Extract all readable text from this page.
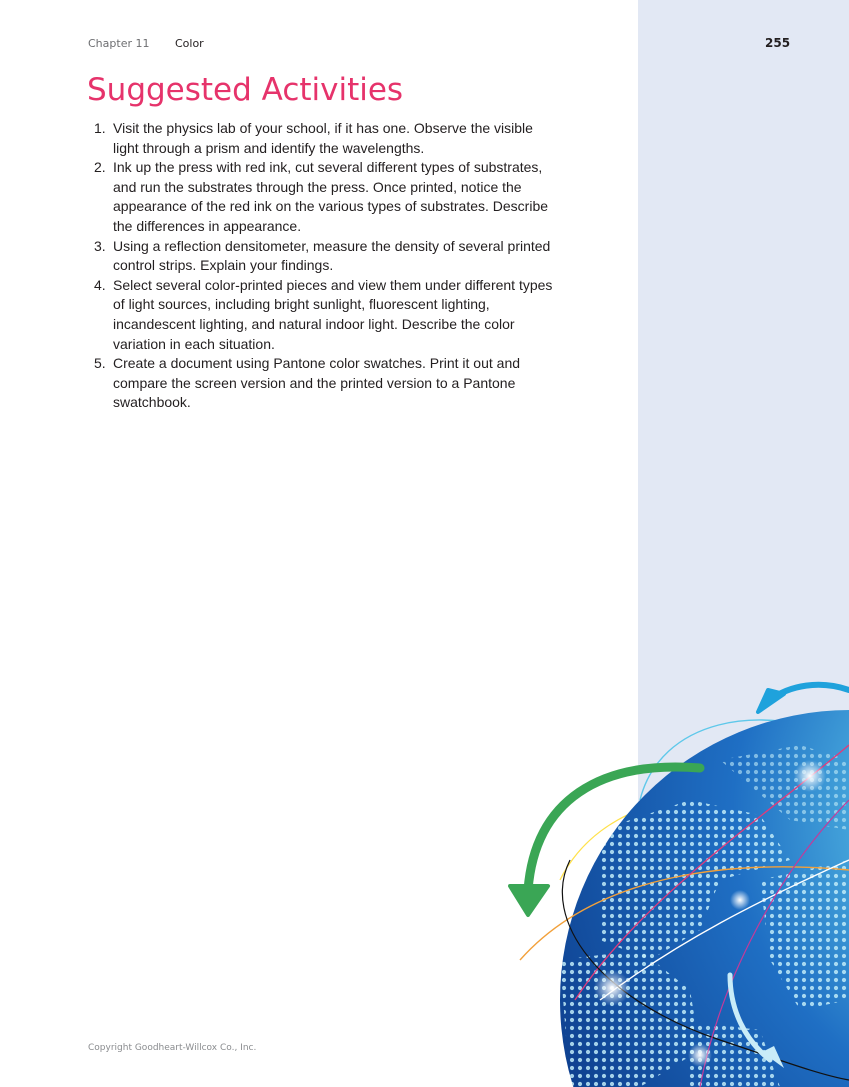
Chapter 11 Color	255
Suggested Activities
1. Visit the physics lab of your school, if it has one. Observe the visible light through a prism and identify the wavelengths.
2. Ink up the press with red ink, cut several different types of substrates, and run the substrates through the press. Once printed, notice the appearance of the red ink on the various types of substrates. Describe the differences in appearance.
3. Using a reflection densitometer, measure the density of several printed control strips. Explain your findings.
4. Select several color-printed pieces and view them under different types of light sources, including bright sunlight, fluorescent lighting, incandescent lighting, and natural indoor light. Describe the color variation in each situation.
5. Create a document using Pantone color swatches. Print it out and compare the screen version and the printed version to a Pantone swatchbook.
Copyright Goodheart-Willcox Co., Inc.
